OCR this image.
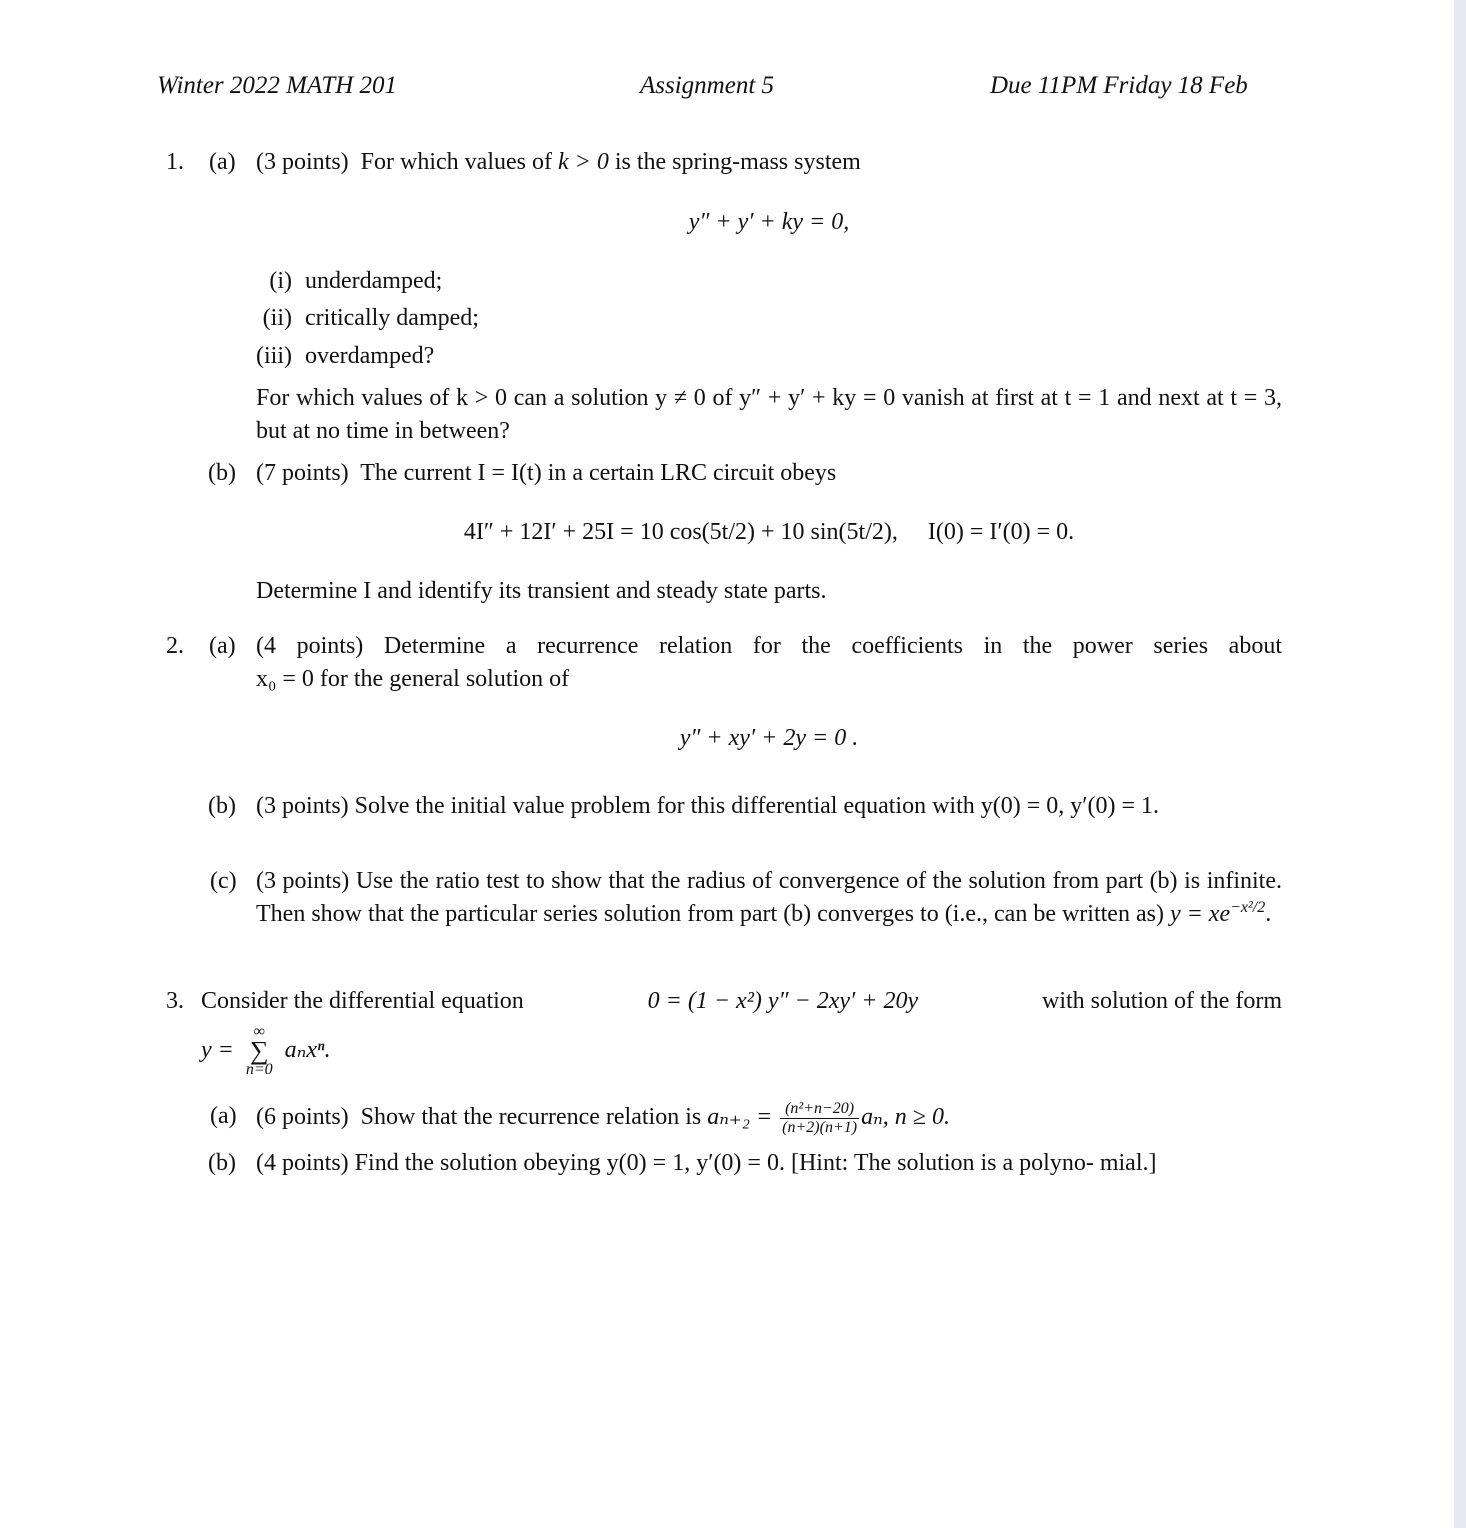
Winter 2022 MATH 201	Assignment 5	Due 11PM Friday 18 Feb
1. (a) (3 points) For which values of k > 0 is the spring-mass system
y″ + y′ + ky = 0,
(i) underdamped;
(ii) critically damped;
(iii) overdamped?
For which values of k > 0 can a solution y ≠ 0 of y″ + y′ + ky = 0 vanish at first at t = 1 and next at t = 3, but at no time in between?
(b) (7 points) The current I = I(t) in a certain LRC circuit obeys
4I″ + 12I′ + 25I = 10 cos(5t/2) + 10 sin(5t/2),     I(0) = I′(0) = 0.
Determine I and identify its transient and steady state parts.
2. (a) (4 points) Determine a recurrence relation for the coefficients in the power series about
x₀ = 0 for the general solution of
y″ + xy′ + 2y = 0 .
(b) (3 points) Solve the initial value problem for this differential equation with y(0) = 0, y′(0) = 1.
(c) (3 points) Use the ratio test to show that the radius of convergence of the solution from part (b) is infinite. Then show that the particular series solution from part (b) converges to (i.e., can be written as) $y = xe^{-x^2/2}$.
3. Consider the differential equation	0 = (1 − x²) y″ − 2xy′ + 20y	with solution of the form
y =
∞
∑
n=0
aₙxⁿ.
(a) (6 points) Show that the recurrence relation is $a_{n+2} = \frac{\text{(n²+n−20)}}{(n+2)(n+1)} a_n$, n ≥ 0.
(b) (4 points) Find the solution obeying y(0) = 1, y′(0) = 0. [Hint: The solution is a polyno- mial.]
